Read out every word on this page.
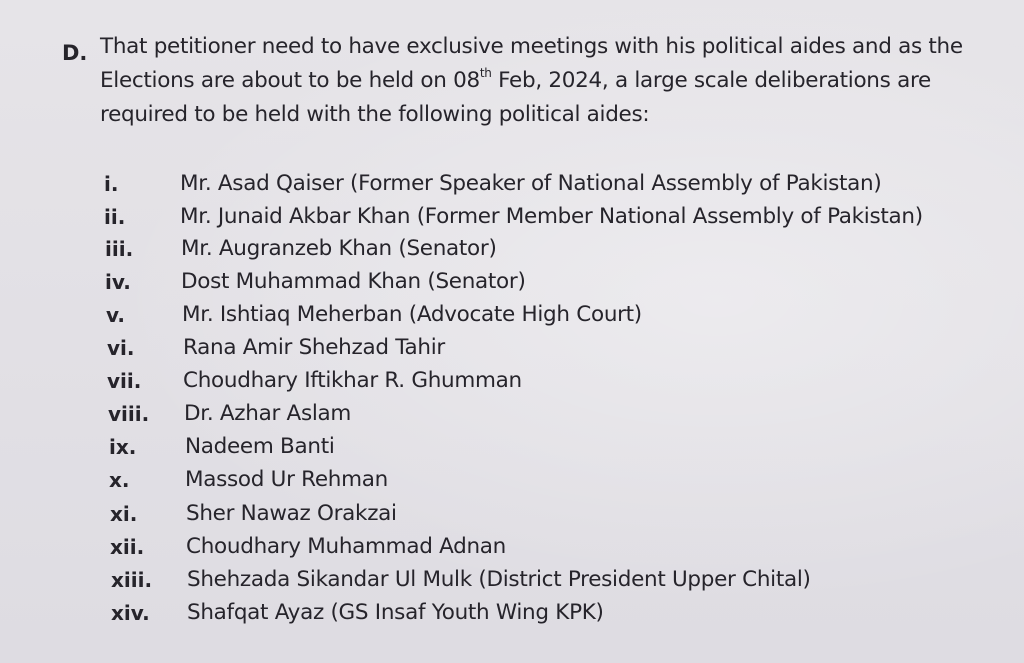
D. That petitioner need to have exclusive meetings with his political aides and as the Elections are about to be held on 08th Feb, 2024, a large scale deliberations are required to be held with the following political aides:
i.	Mr. Asad Qaiser (Former Speaker of National Assembly of Pakistan)
ii.	Mr. Junaid Akbar Khan (Former Member National Assembly of Pakistan)
iii. Mr. Augranzeb Khan (Senator)
iv. Dost Muhammad Khan (Senator)
v.	Mr. Ishtiaq Meherban (Advocate High Court)
vi. Rana Amir Shehzad Tahir
vii. Choudhary Iftikhar R. Ghumman
viii. Dr. Azhar Aslam
ix. Nadeem Banti
x.	Massod Ur Rehman
xi. Sher Nawaz Orakzai
xii. Choudhary Muhammad Adnan
xiii. Shehzada Sikandar Ul Mulk (District President Upper Chital)
xiv. Shafqat Ayaz (GS Insaf Youth Wing KPK)
